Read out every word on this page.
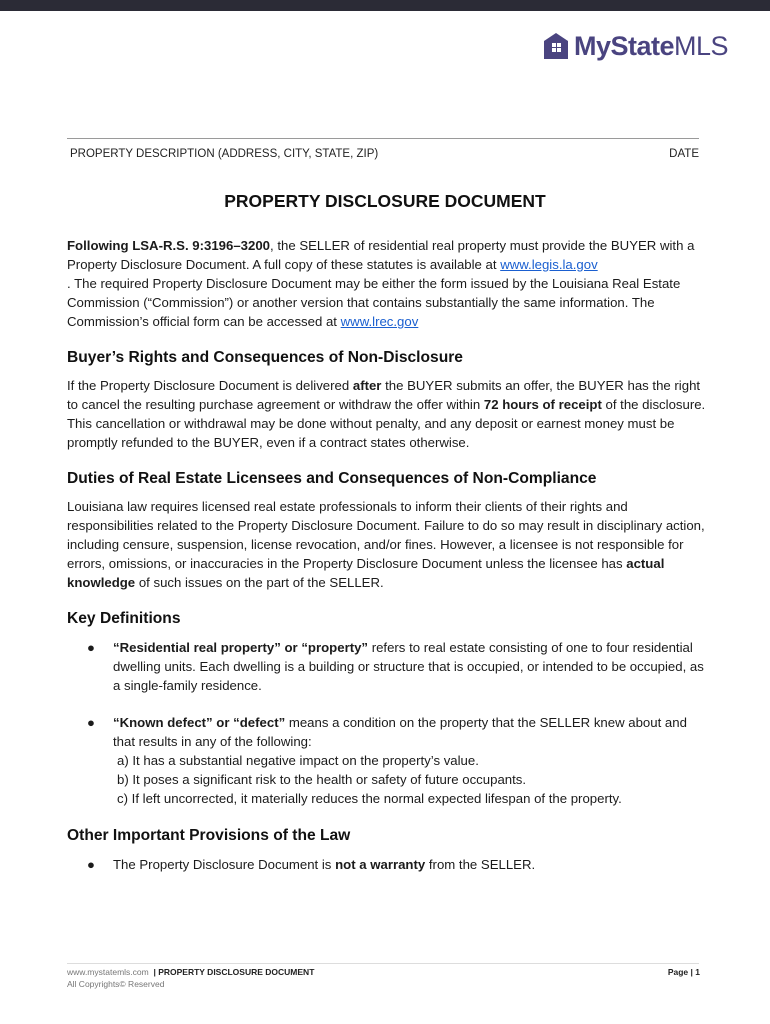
MyStateMLS
PROPERTY DESCRIPTION (ADDRESS, CITY, STATE, ZIP)	DATE
PROPERTY DISCLOSURE DOCUMENT

Following LSA-R.S. 9:3196–3200, the SELLER of residential real property must provide the BUYER with a Property Disclosure Document. A full copy of these statutes is available at www.legis.la.gov
. The required Property Disclosure Document may be either the form issued by the Louisiana Real Estate Commission (“Commission”) or another version that contains substantially the same information. The Commission’s official form can be accessed at www.lrec.gov

Buyer’s Rights and Consequences of Non-Disclosure

If the Property Disclosure Document is delivered after the BUYER submits an offer, the BUYER has the right to cancel the resulting purchase agreement or withdraw the offer within 72 hours of receipt of the disclosure. This cancellation or withdrawal may be done without penalty, and any deposit or earnest money must be promptly refunded to the BUYER, even if a contract states otherwise.

Duties of Real Estate Licensees and Consequences of Non-Compliance

Louisiana law requires licensed real estate professionals to inform their clients of their rights and responsibilities related to the Property Disclosure Document. Failure to do so may result in disciplinary action, including censure, suspension, license revocation, and/or fines. However, a licensee is not responsible for errors, omissions, or inaccuracies in the Property Disclosure Document unless the licensee has actual knowledge of such issues on the part of the SELLER.

Key Definitions
● “Residential real property” or “property” refers to real estate consisting of one to four residential dwelling units. Each dwelling is a building or structure that is occupied, or intended to be occupied, as a single-family residence.
● “Known defect” or “defect” means a condition on the property that the SELLER knew about and that results in any of the following:
a) It has a substantial negative impact on the property’s value.
b) It poses a significant risk to the health or safety of future occupants.
c) If left uncorrected, it materially reduces the normal expected lifespan of the property.
Other Important Provisions of the Law
● The Property Disclosure Document is not a warranty from the SELLER.
www.mystatemls.com | PROPERTY DISCLOSURE DOCUMENT
All Copyrights© Reserved
Page | 1
